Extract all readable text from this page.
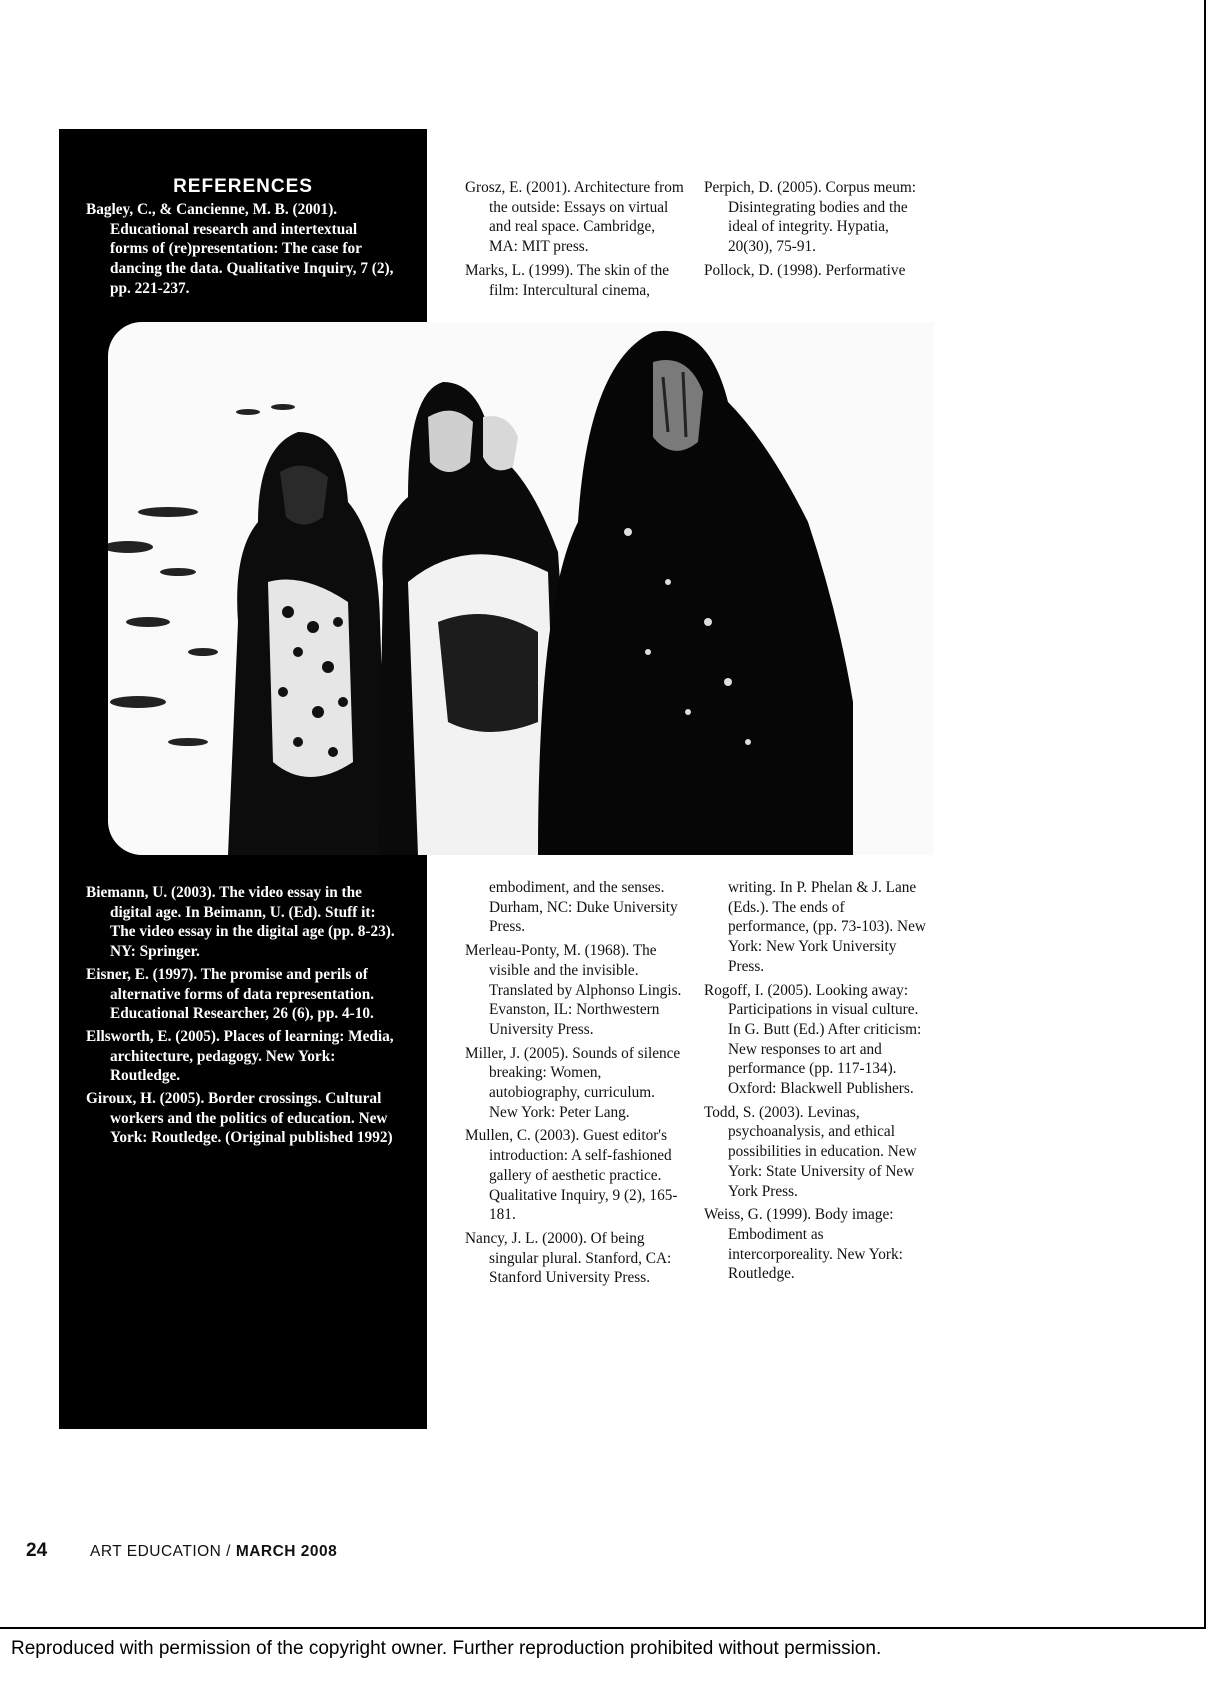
REFERENCES

Bagley, C., & Cancienne, M. B. (2001). Educational research and intertextual forms of (re)presentation: The case for dancing the data. Qualitative Inquiry, 7 (2), pp. 221-237.

Grosz, E. (2001). Architecture from the outside: Essays on virtual and real space. Cambridge, MA: MIT press.

Marks, L. (1999). The skin of the film: Intercultural cinema,

Perpich, D. (2005). Corpus meum: Disintegrating bodies and the ideal of integrity. Hypatia, 20(30), 75-91.

Pollock, D. (1998). Performative

Biemann, U. (2003). The video essay in the digital age. In Beimann, U. (Ed). Stuff it: The video essay in the digital age (pp. 8-23). NY: Springer.

Eisner, E. (1997). The promise and perils of alternative forms of data representation. Educational Researcher, 26 (6), pp. 4-10.

Ellsworth, E. (2005). Places of learning: Media, architecture, pedagogy. New York: Routledge.

Giroux, H. (2005). Border crossings. Cultural workers and the politics of education. New York: Routledge. (Original published 1992)

embodiment, and the senses. Durham, NC: Duke University Press.

Merleau-Ponty, M. (1968). The visible and the invisible. Translated by Alphonso Lingis. Evanston, IL: Northwestern University Press.

Miller, J. (2005). Sounds of silence breaking: Women, autobiography, curriculum. New York: Peter Lang.

Mullen, C. (2003). Guest editor's introduction: A self-fashioned gallery of aesthetic practice. Qualitative Inquiry, 9 (2), 165-181.

Nancy, J. L. (2000). Of being singular plural. Stanford, CA: Stanford University Press.

writing. In P. Phelan & J. Lane (Eds.). The ends of performance, (pp. 73-103). New York: New York University Press.

Rogoff, I. (2005). Looking away: Participations in visual culture. In G. Butt (Ed.) After criticism: New responses to art and performance (pp. 117-134). Oxford: Blackwell Publishers.

Todd, S. (2003). Levinas, psychoanalysis, and ethical possibilities in education. New York: State University of New York Press.

Weiss, G. (1999). Body image: Embodiment as intercorporeality. New York: Routledge.

24	ART EDUCATION / MARCH 2008
Reproduced with permission of the copyright owner. Further reproduction prohibited without permission.
